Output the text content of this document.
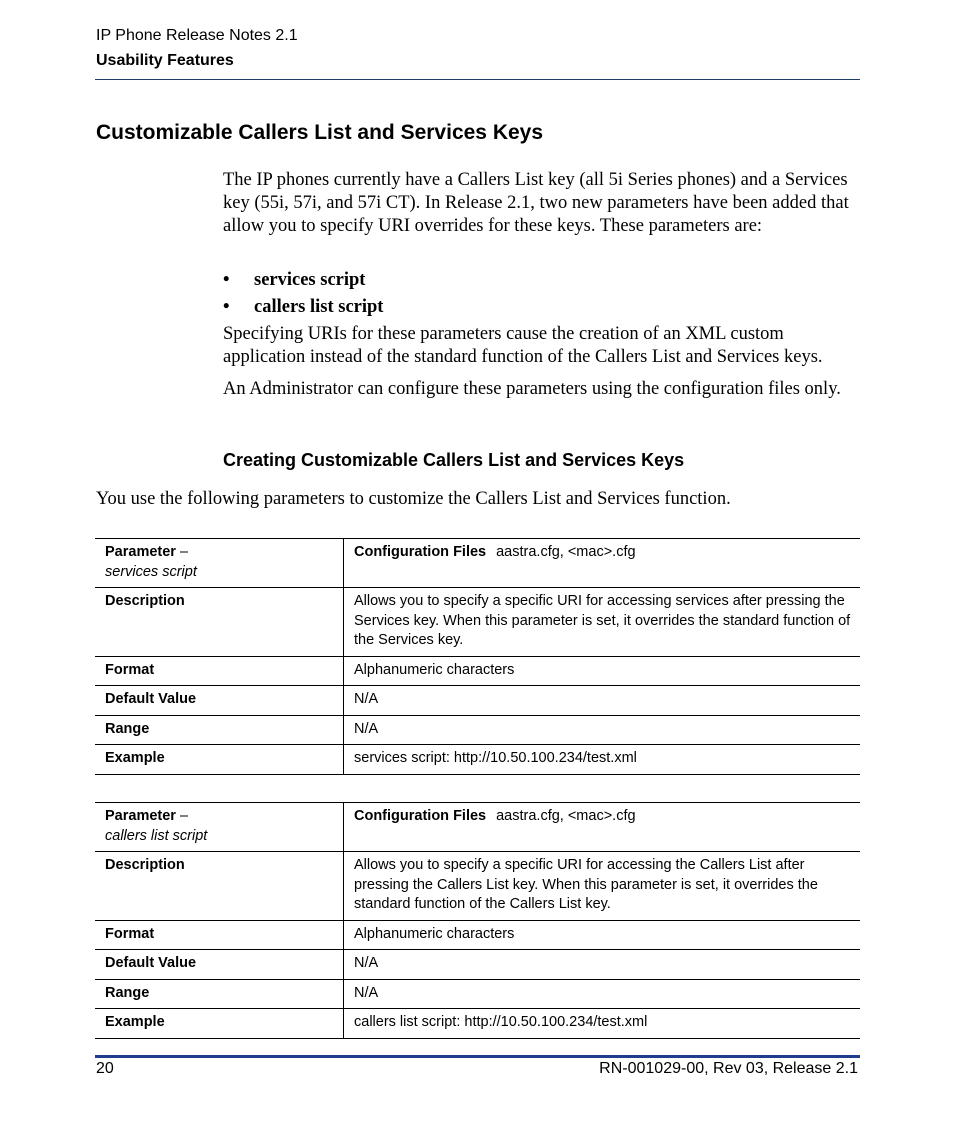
IP Phone Release Notes 2.1
Usability Features
Customizable Callers List and Services Keys
The IP phones currently have a Callers List key (all 5i Series phones) and a Services key (55i, 57i, and 57i CT). In Release 2.1, two new parameters have been added that allow you to specify URI overrides for these keys. These parameters are:
• services script
• callers list script
Specifying URIs for these parameters cause the creation of an XML custom application instead of the standard function of the Callers List and Services keys.
An Administrator can configure these parameters using the configuration files only.
Creating Customizable Callers List and Services Keys
You use the following parameters to customize the Callers List and Services function.
Parameter –
services script	Configuration Files aastra.cfg, <mac>.cfg
Description	Allows you to specify a specific URI for accessing services after pressing the Services key. When this parameter is set, it overrides the standard function of the Services key.
Format	Alphanumeric characters
Default Value	N/A
Range	N/A
Example	services script: http://10.50.100.234/test.xml
Parameter –
callers list script	Configuration Files aastra.cfg, <mac>.cfg
Description	Allows you to specify a specific URI for accessing the Callers List after pressing the Callers List key. When this parameter is set, it overrides the standard function of the Callers List key.
Format	Alphanumeric characters
Default Value	N/A
Range	N/A
Example	callers list script: http://10.50.100.234/test.xml
20	RN-001029-00, Rev 03, Release 2.1
